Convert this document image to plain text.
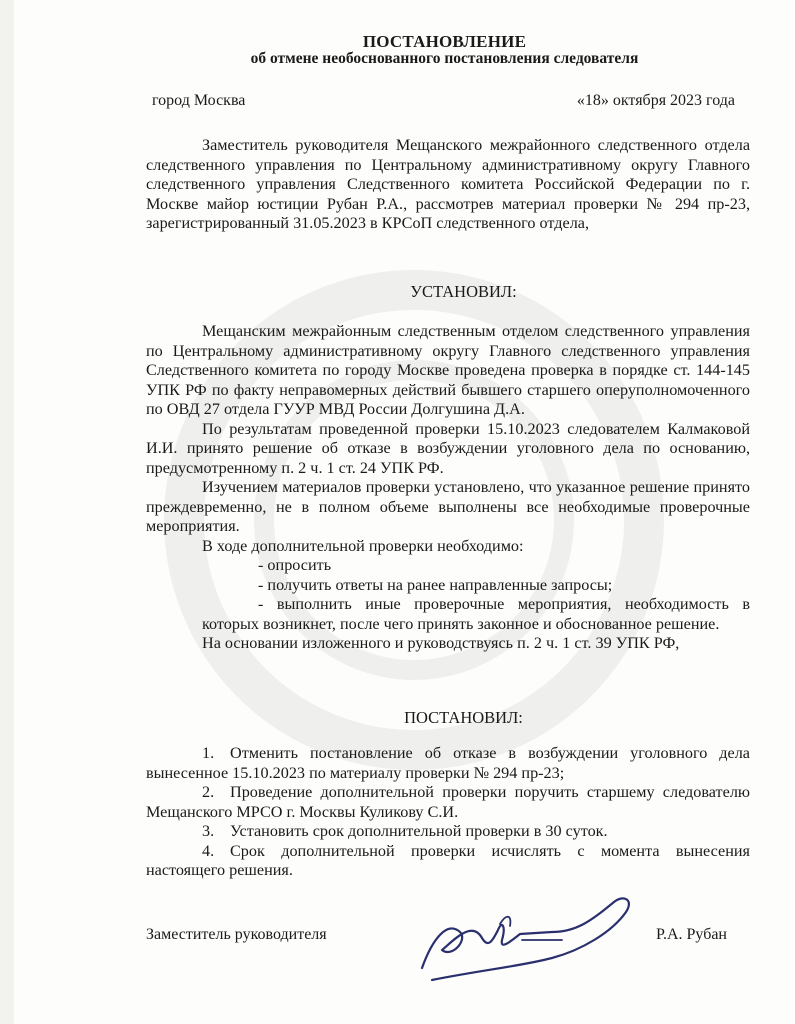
ПОСТАНОВЛЕНИЕ
об отмене необоснованного постановления следователя
город Москва	«18» октября 2023 года

Заместитель руководителя Мещанского межрайонного следственного отдела следственного управления по Центральному административному округу Главного следственного управления Следственного комитета Российской Федерации по г. Москве майор юстиции Рубан Р.А., рассмотрев материал проверки № 294 пр-23, зарегистрированный 31.05.2023 в КРСоП следственного отдела,

УСТАНОВИЛ:

Мещанским межрайонным следственным отделом следственного управления по Центральному административному округу Главного следственного управления Следственного комитета по городу Москве проведена проверка в порядке ст. 144-145 УПК РФ по факту неправомерных действий бывшего старшего оперуполномоченного по ОВД 27 отдела ГУУР МВД России Долгушина Д.А.

По результатам проведенной проверки 15.10.2023 следователем Калмаковой И.И. принято решение об отказе в возбуждении уголовного дела по основанию, предусмотренному п. 2 ч. 1 ст. 24 УПК РФ.

Изучением материалов проверки установлено, что указанное решение принято преждевременно, не в полном объеме выполнены все необходимые проверочные мероприятия.

В ходе дополнительной проверки необходимо:

- опросить

- получить ответы на ранее направленные запросы;

- выполнить иные проверочные мероприятия, необходимость в которых возникнет, после чего принять законное и обоснованное решение.

На основании изложенного и руководствуясь п. 2 ч. 1 ст. 39 УПК РФ,

ПОСТАНОВИЛ:

1. Отменить постановление об отказе в возбуждении уголовного дела вынесенное 15.10.2023 по материалу проверки № 294 пр-23;

2. Проведение дополнительной проверки поручить старшему следователю Мещанского МРСО г. Москвы Куликову С.И.

3. Установить срок дополнительной проверки в 30 суток.

4. Срок дополнительной проверки исчислять с момента вынесения настоящего решения.

Заместитель руководителя	Р.А. Рубан
